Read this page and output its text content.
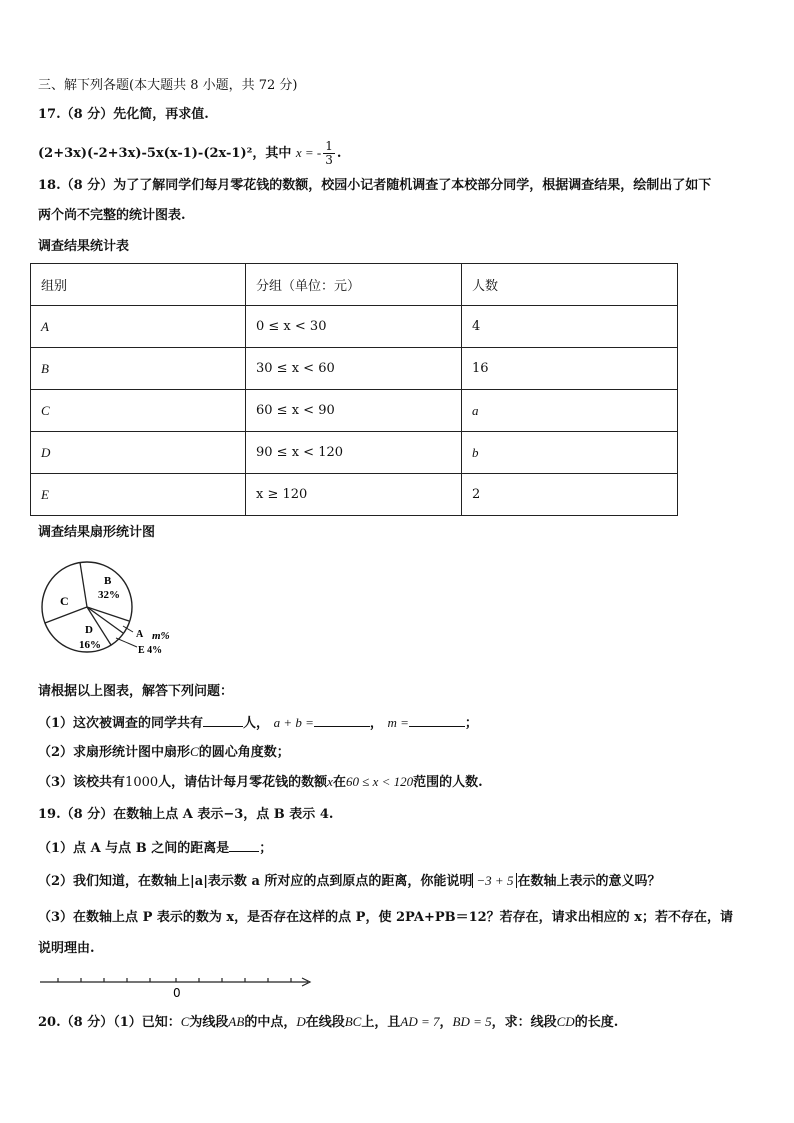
三、解下列各题(本大题共 8 小题，共 72 分)
17.（8 分）先化简，再求值.
(2+3x)(-2+3x)-5x(x-1)-(2x-1)²，其中 x = - $\frac{1}{3}$ .
18.（8 分）为了了解同学们每月零花钱的数额，校园小记者随机调查了本校部分同学，根据调查结果，绘制出了如下
两个尚不完整的统计图表.
调查结果统计表
组别	分组（单位：元）	人数
A	0 ≤ x < 30	4
B	30 ≤ x < 60	16
C	60 ≤ x < 90	a
D	90 ≤ x < 120	b
E	x ≥ 120	2
调查结果扇形统计图
B
32%
C
D
16%
A m%
E 4%
请根据以上图表，解答下列问题：
（1）这次被调查的同学共有	人， a + b =	， m =	；
（2）求扇形统计图中扇形C的圆心角度数；
（3）该校共有1000人，请估计每月零花钱的数额x在60 ≤ x < 120范围的人数.
19.（8 分）在数轴上点 A 表示−3，点 B 表示 4.
（1）点 A 与点 B 之间的距离是 ；
（2）我们知道，在数轴上|a|表示数 a 所对应的点到原点的距离，你能说明 −3 + 5 在数轴上表示的意义吗？
（3）在数轴上点 P 表示的数为 x，是否存在这样的点 P，使 2PA+PB＝12？若存在，请求出相应的 x；若不存在，请
说明理由.
0
20.（8 分）（1）已知：C为线段AB的中点，D在线段BC上，且AD = 7，BD = 5，求：线段CD的长度.
